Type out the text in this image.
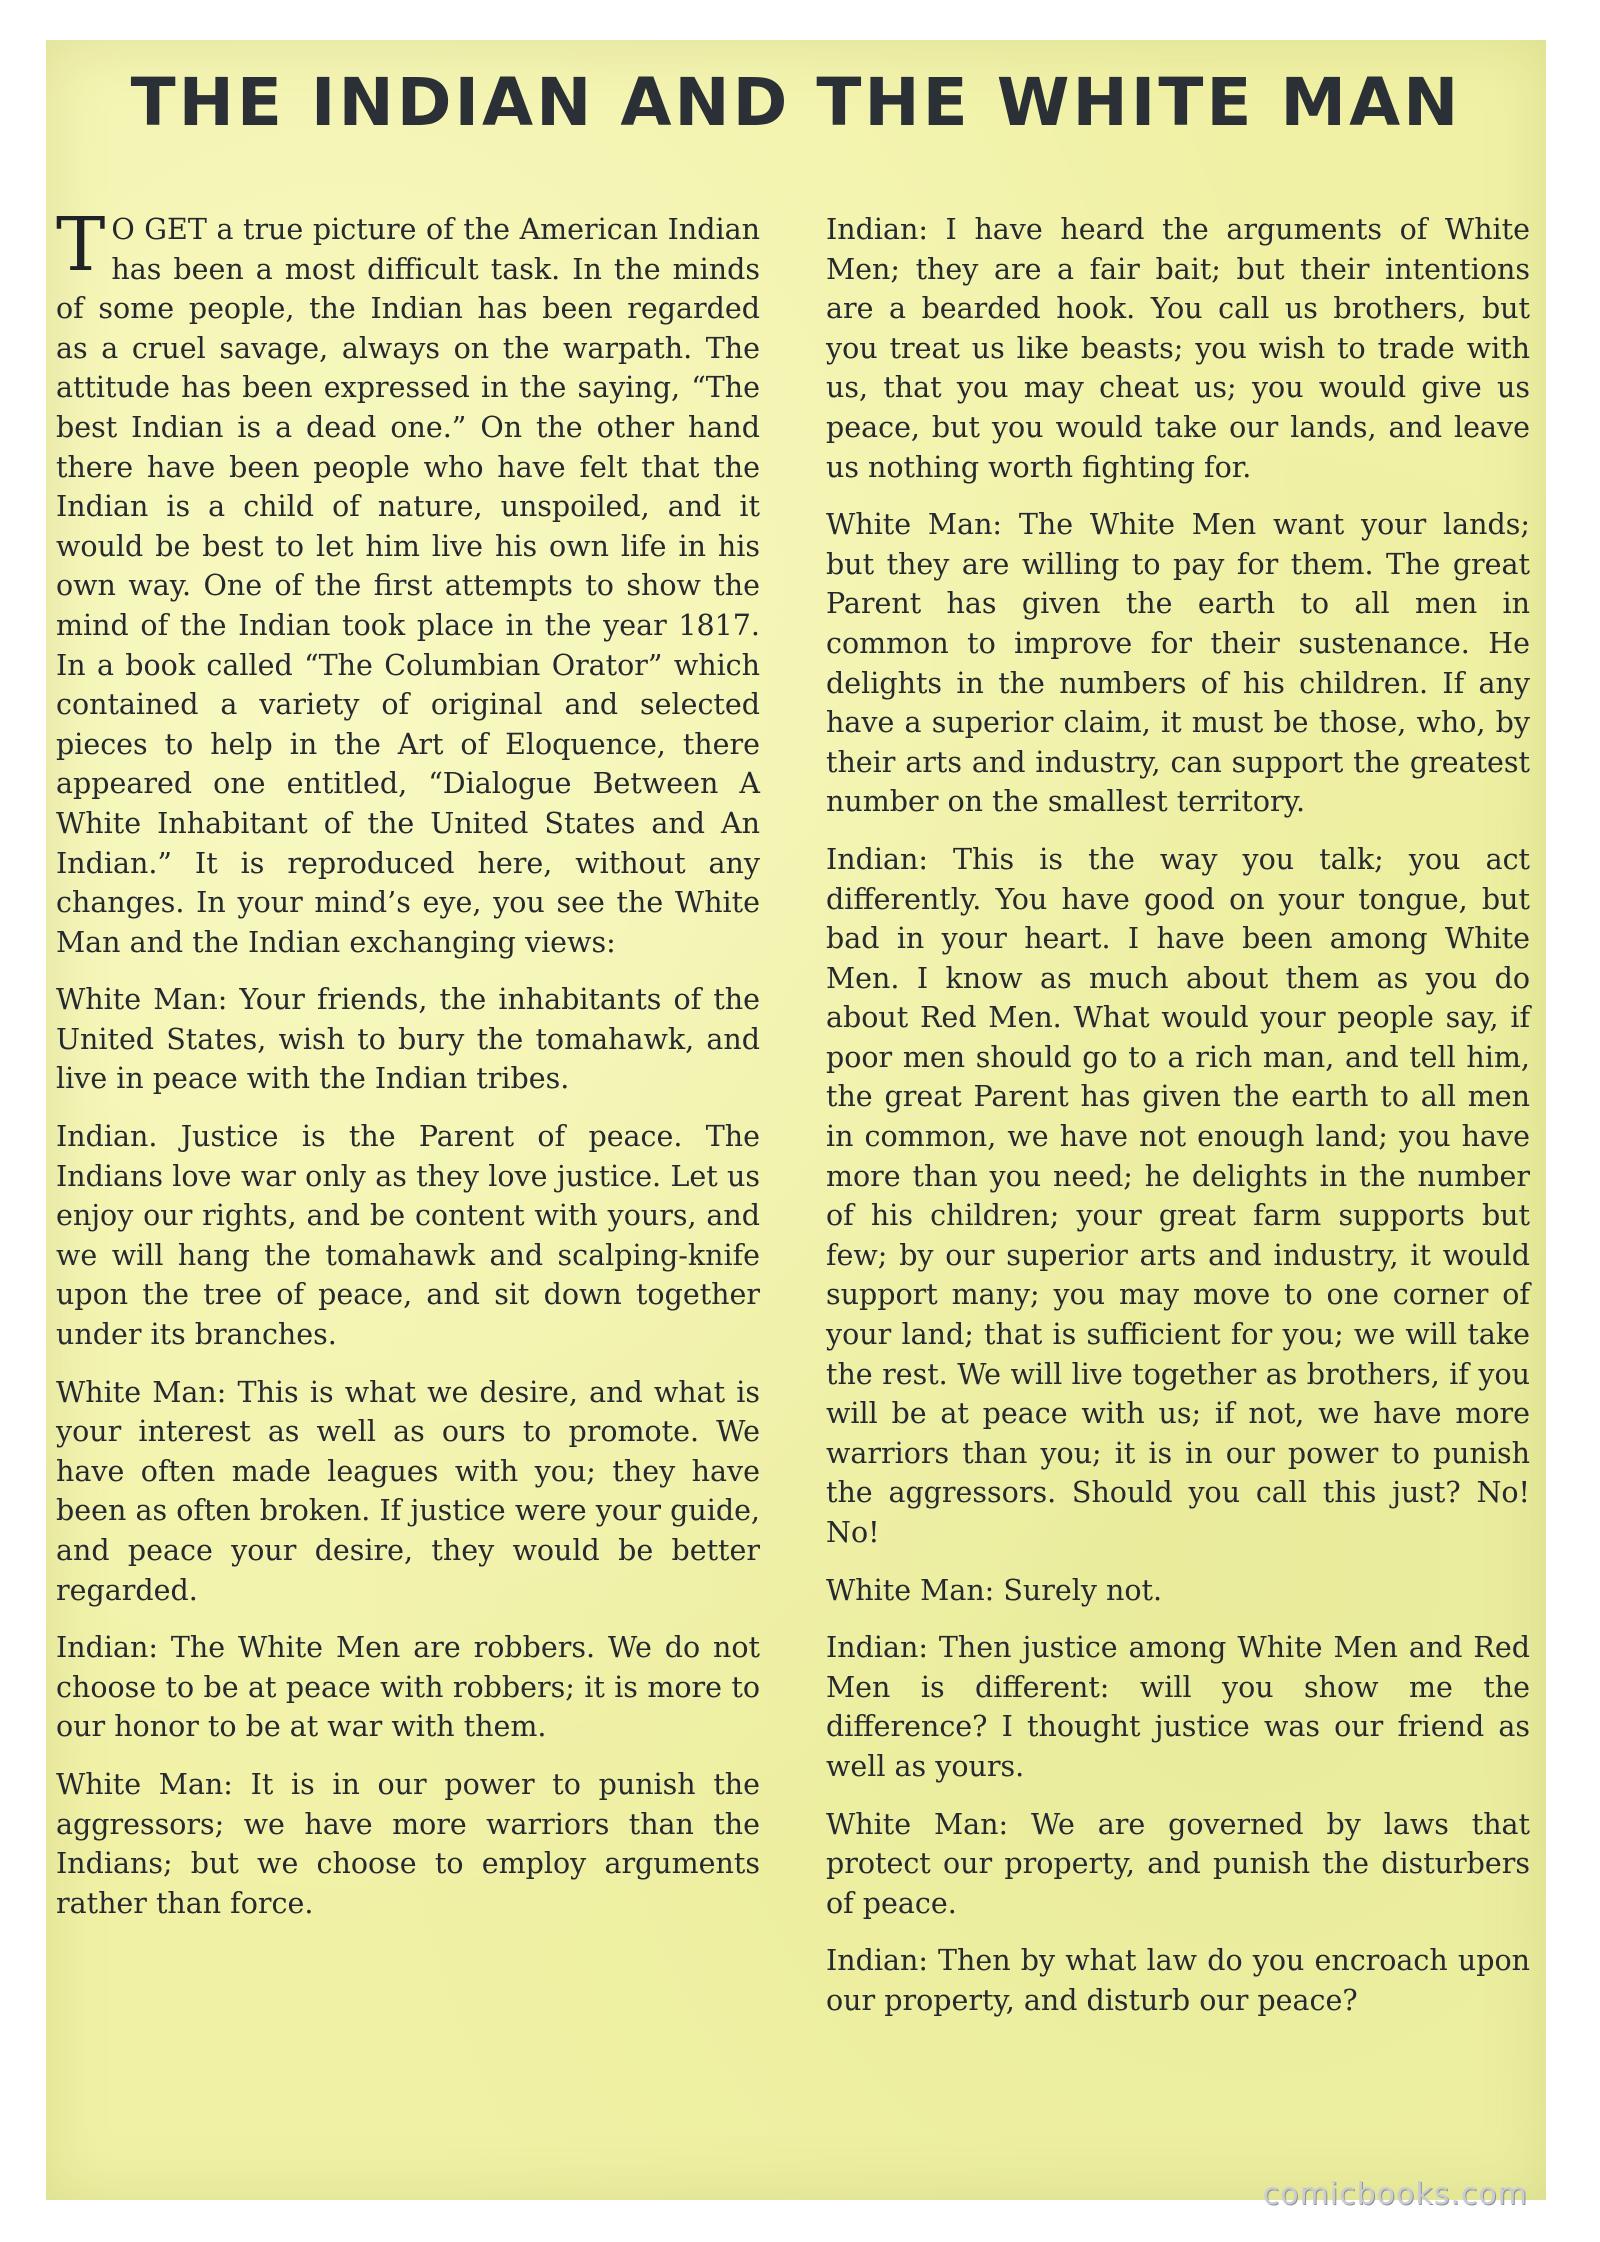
THE INDIAN AND THE WHITE MAN

T O GET a true picture of the American Indian has been a most difficult task. In the minds of some people, the Indian has been regarded as a cruel savage, always on the warpath. The attitude has been expressed in the saying, “The best Indian is a dead one.” On the other hand there have been people who have felt that the Indian is a child of nature, unspoiled, and it would be best to let him live his own life in his own way. One of the first attempts to show the mind of the Indian took place in the year 1817. In a book called “The Columbian Orator” which contained a variety of original and selected pieces to help in the Art of Eloquence, there appeared one entitled, “Dialogue Between A White Inhabitant of the United States and An Indian.” It is reproduced here, without any changes. In your mind’s eye, you see the White Man and the Indian exchanging views:

White Man: Your friends, the inhabitants of the United States, wish to bury the tomahawk, and live in peace with the Indian tribes.

Indian. Justice is the Parent of peace. The Indians love war only as they love justice. Let us enjoy our rights, and be content with yours, and we will hang the tomahawk and scalping-knife upon the tree of peace, and sit down together under its branches.

White Man: This is what we desire, and what is your interest as well as ours to promote. We have often made leagues with you; they have been as often broken. If justice were your guide, and peace your desire, they would be better regarded.

Indian: The White Men are robbers. We do not choose to be at peace with robbers; it is more to our honor to be at war with them.

White Man: It is in our power to punish the aggressors; we have more warriors than the Indians; but we choose to employ arguments rather than force.

Indian: I have heard the arguments of White Men; they are a fair bait; but their intentions are a bearded hook. You call us brothers, but you treat us like beasts; you wish to trade with us, that you may cheat us; you would give us peace, but you would take our lands, and leave us nothing worth fighting for.

White Man: The White Men want your lands; but they are willing to pay for them. The great Parent has given the earth to all men in common to improve for their sustenance. He delights in the numbers of his children. If any have a superior claim, it must be those, who, by their arts and industry, can support the greatest number on the smallest territory.

Indian: This is the way you talk; you act differently. You have good on your tongue, but bad in your heart. I have been among White Men. I know as much about them as you do about Red Men. What would your people say, if poor men should go to a rich man, and tell him, the great Parent has given the earth to all men in common, we have not enough land; you have more than you need; he delights in the number of his children; your great farm supports but few; by our superior arts and industry, it would support many; you may move to one corner of your land; that is sufficient for you; we will take the rest. We will live together as brothers, if you will be at peace with us; if not, we have more warriors than you; it is in our power to punish the aggressors. Should you call this just? No! No!

White Man: Surely not.

Indian: Then justice among White Men and Red Men is different: will you show me the difference? I thought justice was our friend as well as yours.

White Man: We are governed by laws that protect our property, and punish the disturbers of peace.

Indian: Then by what law do you encroach upon our property, and disturb our peace?

comicbooks.com
